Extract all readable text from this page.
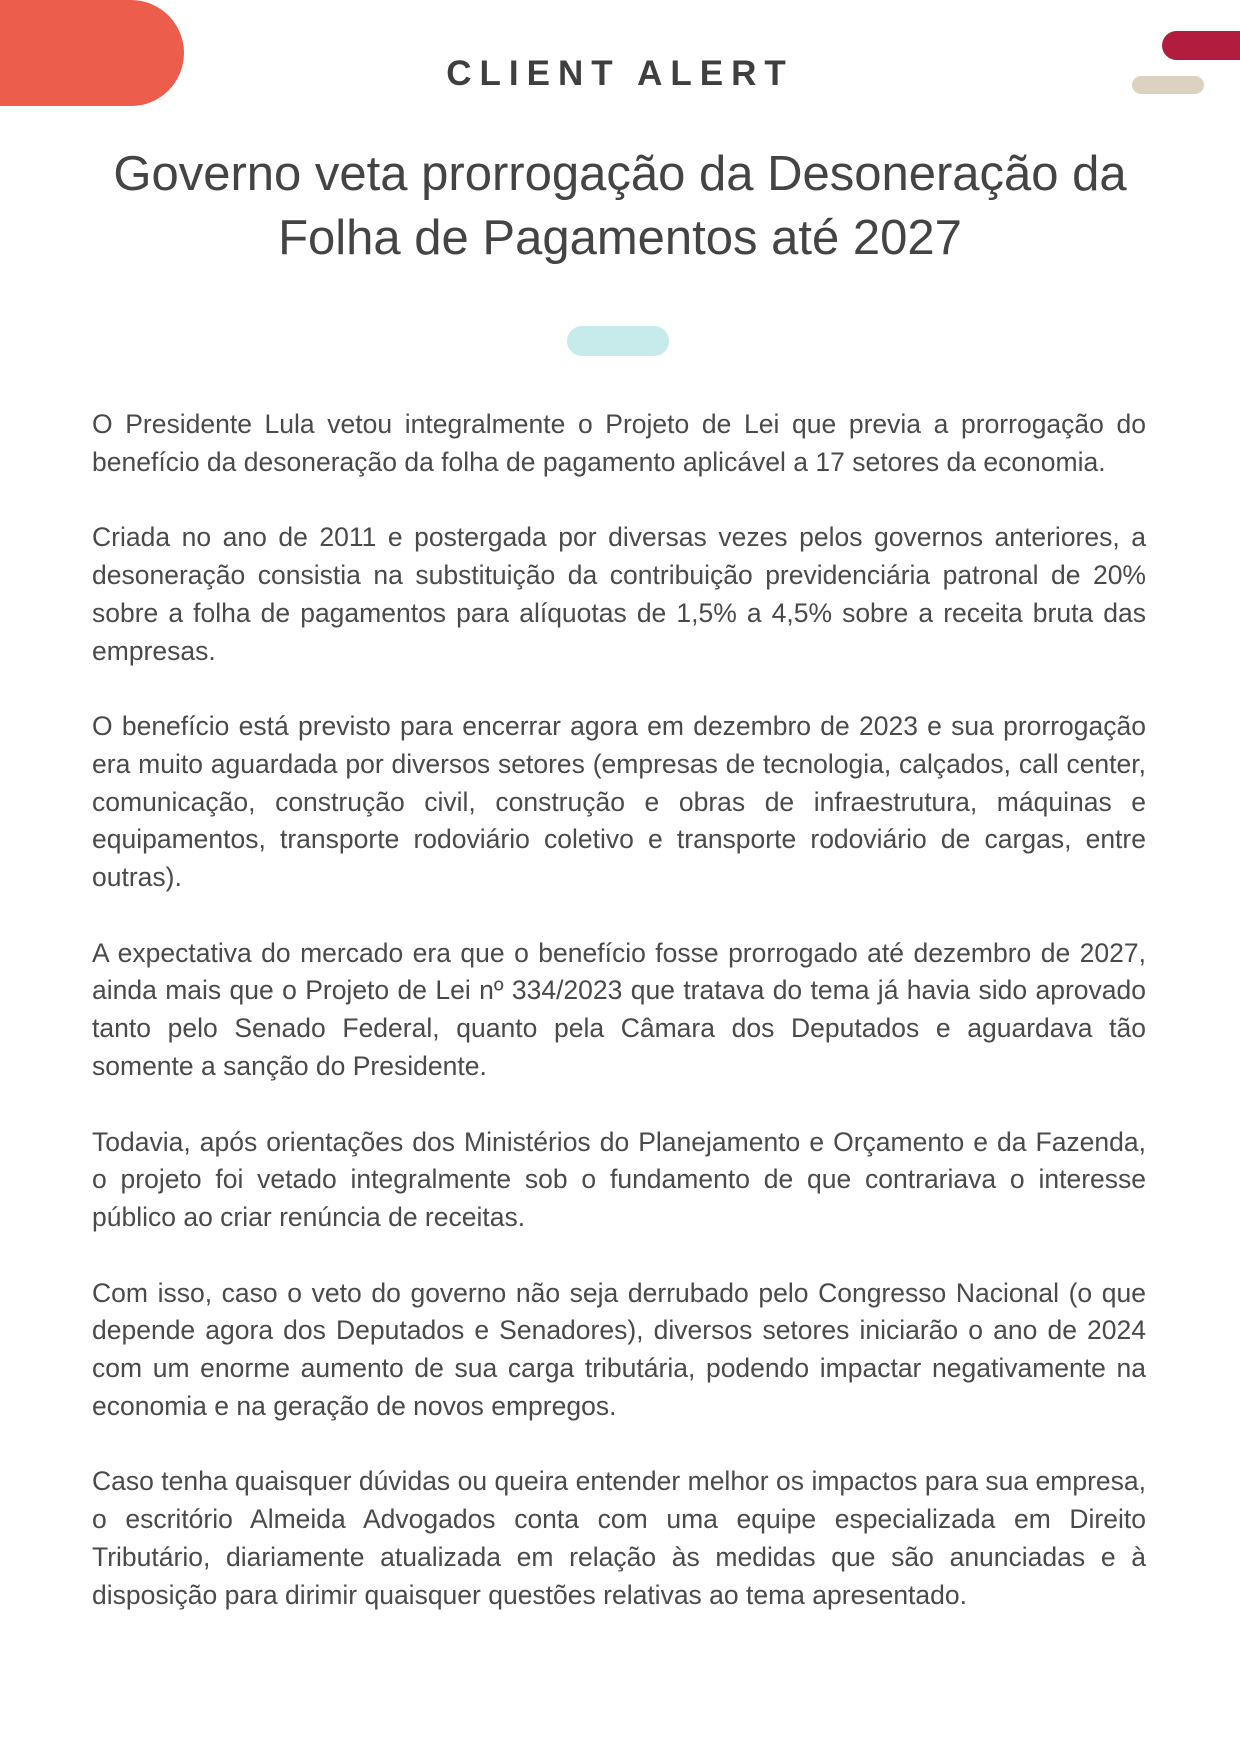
CLIENT ALERT
Governo veta prorrogação da Desoneração da
Folha de Pagamentos até 2027

O Presidente Lula vetou integralmente o Projeto de Lei que previa a prorrogação do benefício da desoneração da folha de pagamento aplicável a 17 setores da economia.

Criada no ano de 2011 e postergada por diversas vezes pelos governos anteriores, a desoneração consistia na substituição da contribuição previdenciária patronal de 20% sobre a folha de pagamentos para alíquotas de 1,5% a 4,5% sobre a receita bruta das empresas.

O benefício está previsto para encerrar agora em dezembro de 2023 e sua prorrogação era muito aguardada por diversos setores (empresas de tecnologia, calçados, call center, comunicação, construção civil, construção e obras de infraestrutura, máquinas e equipamentos, transporte rodoviário coletivo e transporte rodoviário de cargas, entre outras).

A expectativa do mercado era que o benefício fosse prorrogado até dezembro de 2027, ainda mais que o Projeto de Lei nº 334/2023 que tratava do tema já havia sido aprovado tanto pelo Senado Federal, quanto pela Câmara dos Deputados e aguardava tão somente a sanção do Presidente.

Todavia, após orientações dos Ministérios do Planejamento e Orçamento e da Fazenda, o projeto foi vetado integralmente sob o fundamento de que contrariava o interesse público ao criar renúncia de receitas.

Com isso, caso o veto do governo não seja derrubado pelo Congresso Nacional (o que depende agora dos Deputados e Senadores), diversos setores iniciarão o ano de 2024 com um enorme aumento de sua carga tributária, podendo impactar negativamente na economia e na geração de novos empregos.

Caso tenha quaisquer dúvidas ou queira entender melhor os impactos para sua empresa, o escritório Almeida Advogados conta com uma equipe especializada em Direito Tributário, diariamente atualizada em relação às medidas que são anunciadas e à disposição para dirimir quaisquer questões relativas ao tema apresentado.
